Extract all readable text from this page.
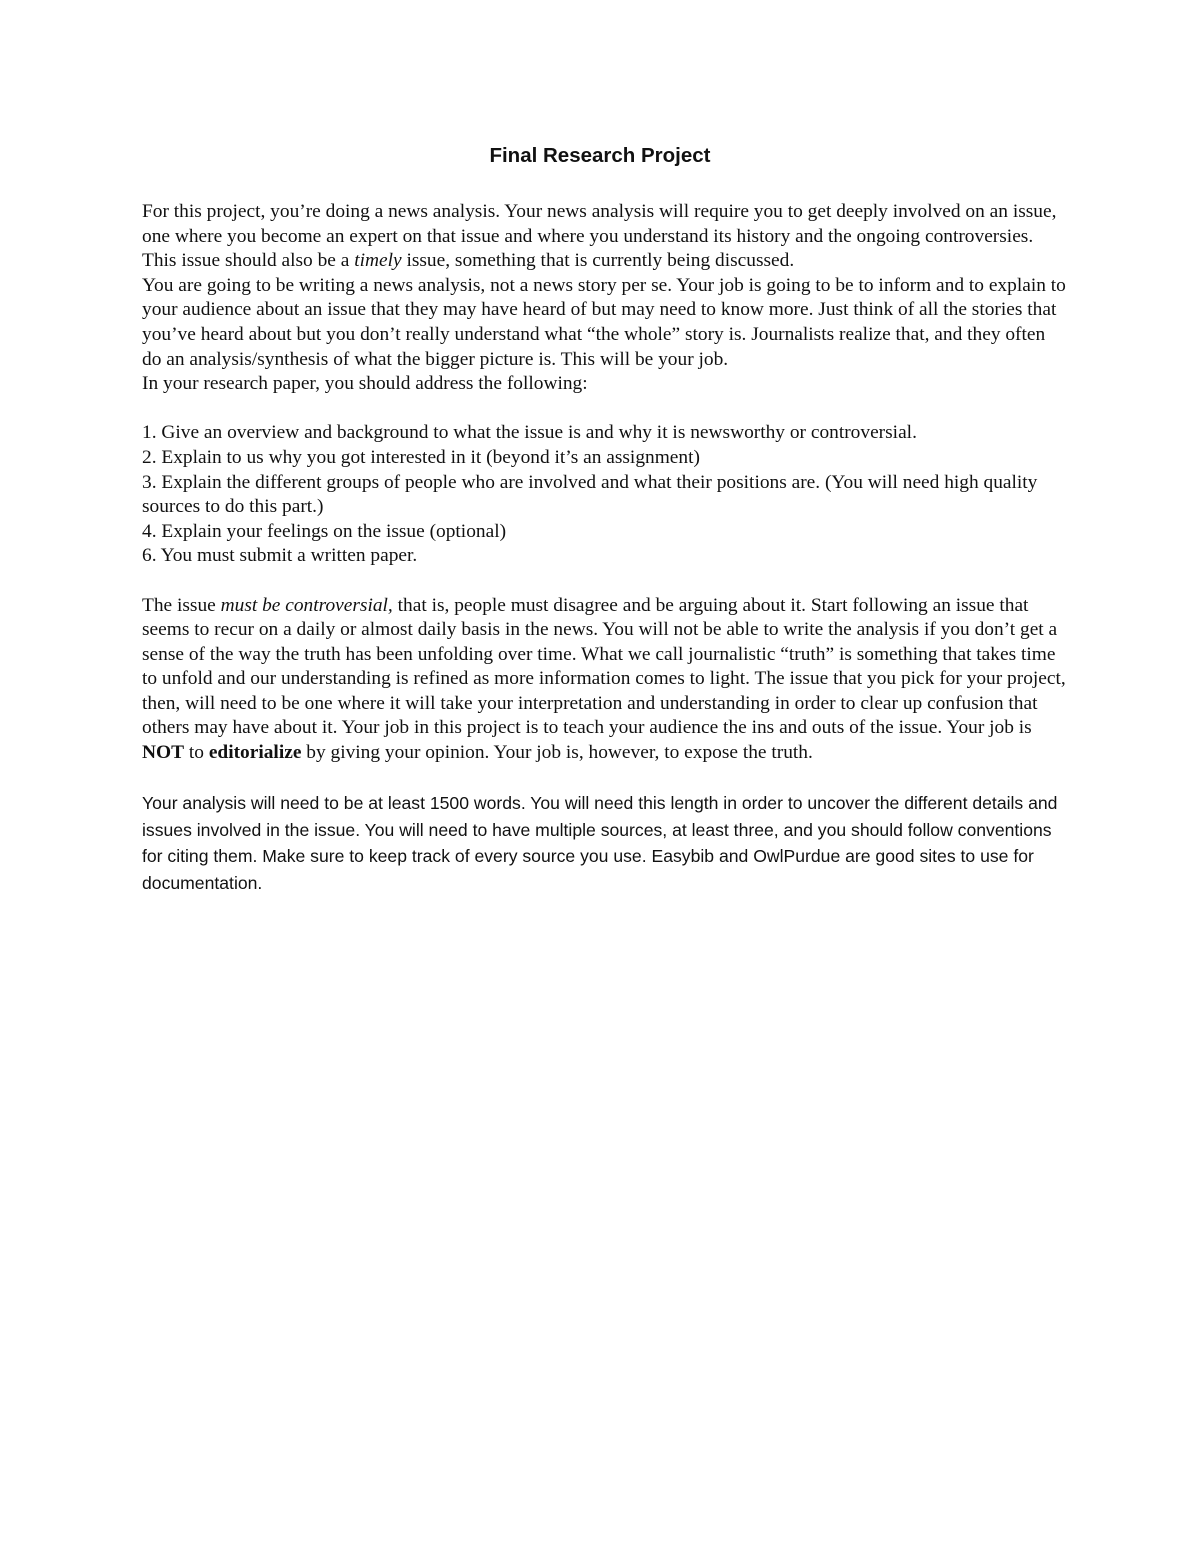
Final Research Project

For this project, you’re doing a news analysis. Your news analysis will require you to get deeply involved on an issue, one where you become an expert on that issue and where you understand its history and the ongoing controversies. This issue should also be a timely issue, something that is currently being discussed.

You are going to be writing a news analysis, not a news story per se. Your job is going to be to inform and to explain to your audience about an issue that they may have heard of but may need to know more. Just think of all the stories that you’ve heard about but you don’t really understand what “the whole” story is. Journalists realize that, and they often do an analysis/synthesis of what the bigger picture is. This will be your job.

In your research paper, you should address the following:

1. Give an overview and background to what the issue is and why it is newsworthy or controversial.

2. Explain to us why you got interested in it (beyond it’s an assignment)

3. Explain the different groups of people who are involved and what their positions are. (You will need high quality sources to do this part.)

4. Explain your feelings on the issue (optional)

6. You must submit a written paper.

The issue must be controversial, that is, people must disagree and be arguing about it. Start following an issue that seems to recur on a daily or almost daily basis in the news. You will not be able to write the analysis if you don’t get a sense of the way the truth has been unfolding over time. What we call journalistic “truth” is something that takes time to unfold and our understanding is refined as more information comes to light. The issue that you pick for your project, then, will need to be one where it will take your interpretation and understanding in order to clear up confusion that others may have about it. Your job in this project is to teach your audience the ins and outs of the issue. Your job is NOT to editorialize by giving your opinion. Your job is, however, to expose the truth.

Your analysis will need to be at least 1500 words. You will need this length in order to uncover the different details and issues involved in the issue. You will need to have multiple sources, at least three, and you should follow conventions for citing them. Make sure to keep track of every source you use. Easybib and OwlPurdue are good sites to use for documentation.
